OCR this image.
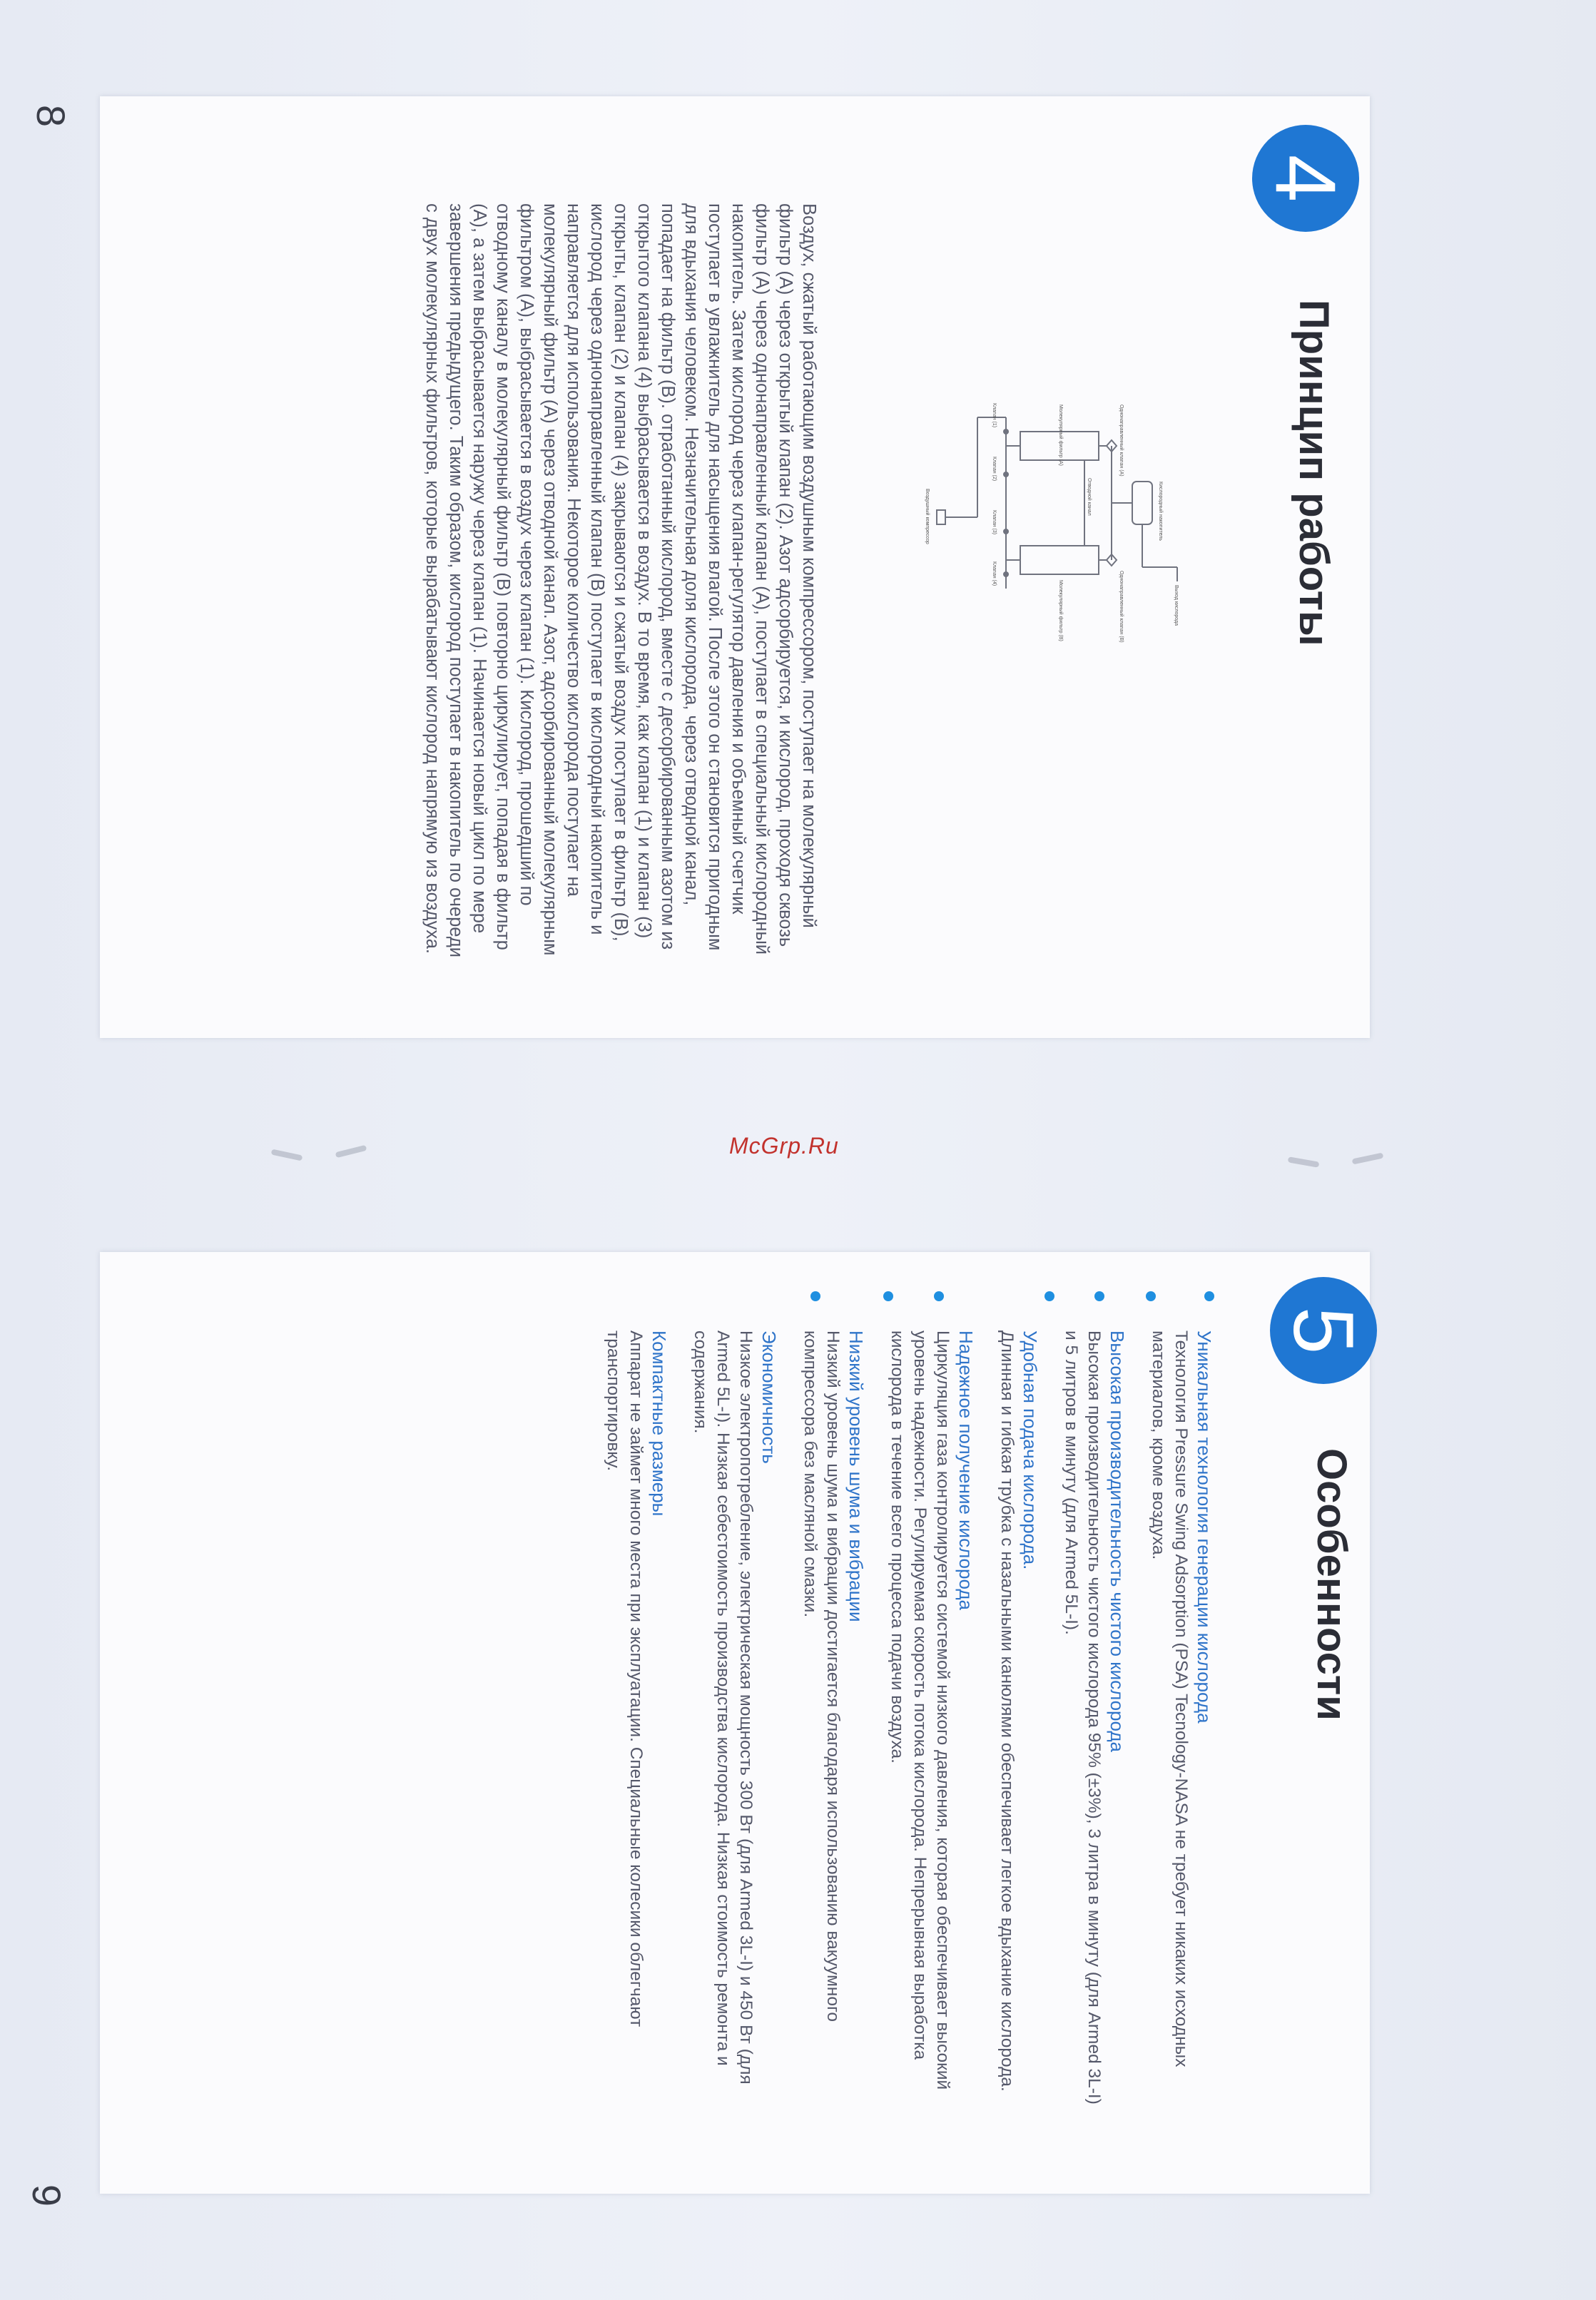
McGrp.Ru
8
9
4
Принцип работы
Кислородный накопитель
Выход кислорода
Однонаправленный клапан (А)
Однонаправленный клапан (В)
Молекулярный фильтр (А)
Молекулярный фильтр (В)
Отводной канал
Клапан (1)
Клапан (2)
Клапан (3)
Клапан (4)
Воздушный компрессор

Воздух, сжатый работающим воздушным компрессором, поступает на молекулярный фильтр (А) через открытый клапан (2). Азот адсорбируется, и кислород, проходя сквозь фильтр (А) через однонаправленный клапан (А), поступает в специальный кислородный накопитель. Затем кислород через клапан-регулятор давления и объемный счетчик поступает в увлажнитель для насыщения влагой. После этого он становится пригодным для вдыхания человеком. Незначительная доля кислорода, через отводной канал, попадает на фильтр (В). отработанный кислород, вместе с десорбированным азотом из открытого клапана (4) выбрасывается в воздух. В то время, как клапан (1) и клапан (3) открыты, клапан (2) и клапан (4) закрываются и сжатый воздух поступает в фильтр (В), кислород через однонаправленный клапан (В) поступает в кислородный накопитель и направляется для использования. Некоторое количество кислорода поступает на молекулярный фильтр (А) через отводной канал. Азот, адсорбированный молекулярным фильтром (А), выбрасывается в воздух через клапан (1). Кислород, прошедший по отводному каналу в молекулярный фильтр (В) повторно циркулирует, попадая в фильтр (А), а затем выбрасывается наружу через клапан (1). Начинается новый цикл по мере завершения предыдущего. Таким образом, кислород поступает в накопитель по очереди с двух молекулярных фильтров, которые вырабатывают кислород напрямую из воздуха.

5
Особенности

Уникальная технология генерации кислорода

Технология Pressure Swing Adsorption (PSA) Tecnology-NASA не требует никаких исходных материалов, кроме воздуха.

Высокая производительность чистого кислорода

Высокая производительность чистого кислорода 95% (±3%), 3 литра в минуту (для Armed 3L-I) и 5 литров в минуту (для Armed 5L-I).

Удобная подача кислорода.

Длинная и гибкая трубка с назальными канюлями обеспечивает легкое вдыхание кислорода.

Надежное получение кислорода

Циркуляция газа контролируется системой низкого давления, которая обеспечивает высокий уровень надежности. Регулируемая скорость потока кислорода. Непрерывная выработка кислорода в течение всего процесса подачи воздуха.

Низкий уровень шума и вибрации

Низкий уровень шума и вибрации достигается благодаря использованию вакуумного компрессора без масляной смазки.

Экономичность

Низкое электропотребление, электрическая мощность 300 Вт (для Armed 3L-I) и 450 Вт (для Armed 5L-I). Низкая себестоимость производства кислорода. Низкая стоимость ремонта и содержания.

Компактные размеры

Аппарат не займет много места при эксплуатации. Специальные колесики облегчают транспортировку.
